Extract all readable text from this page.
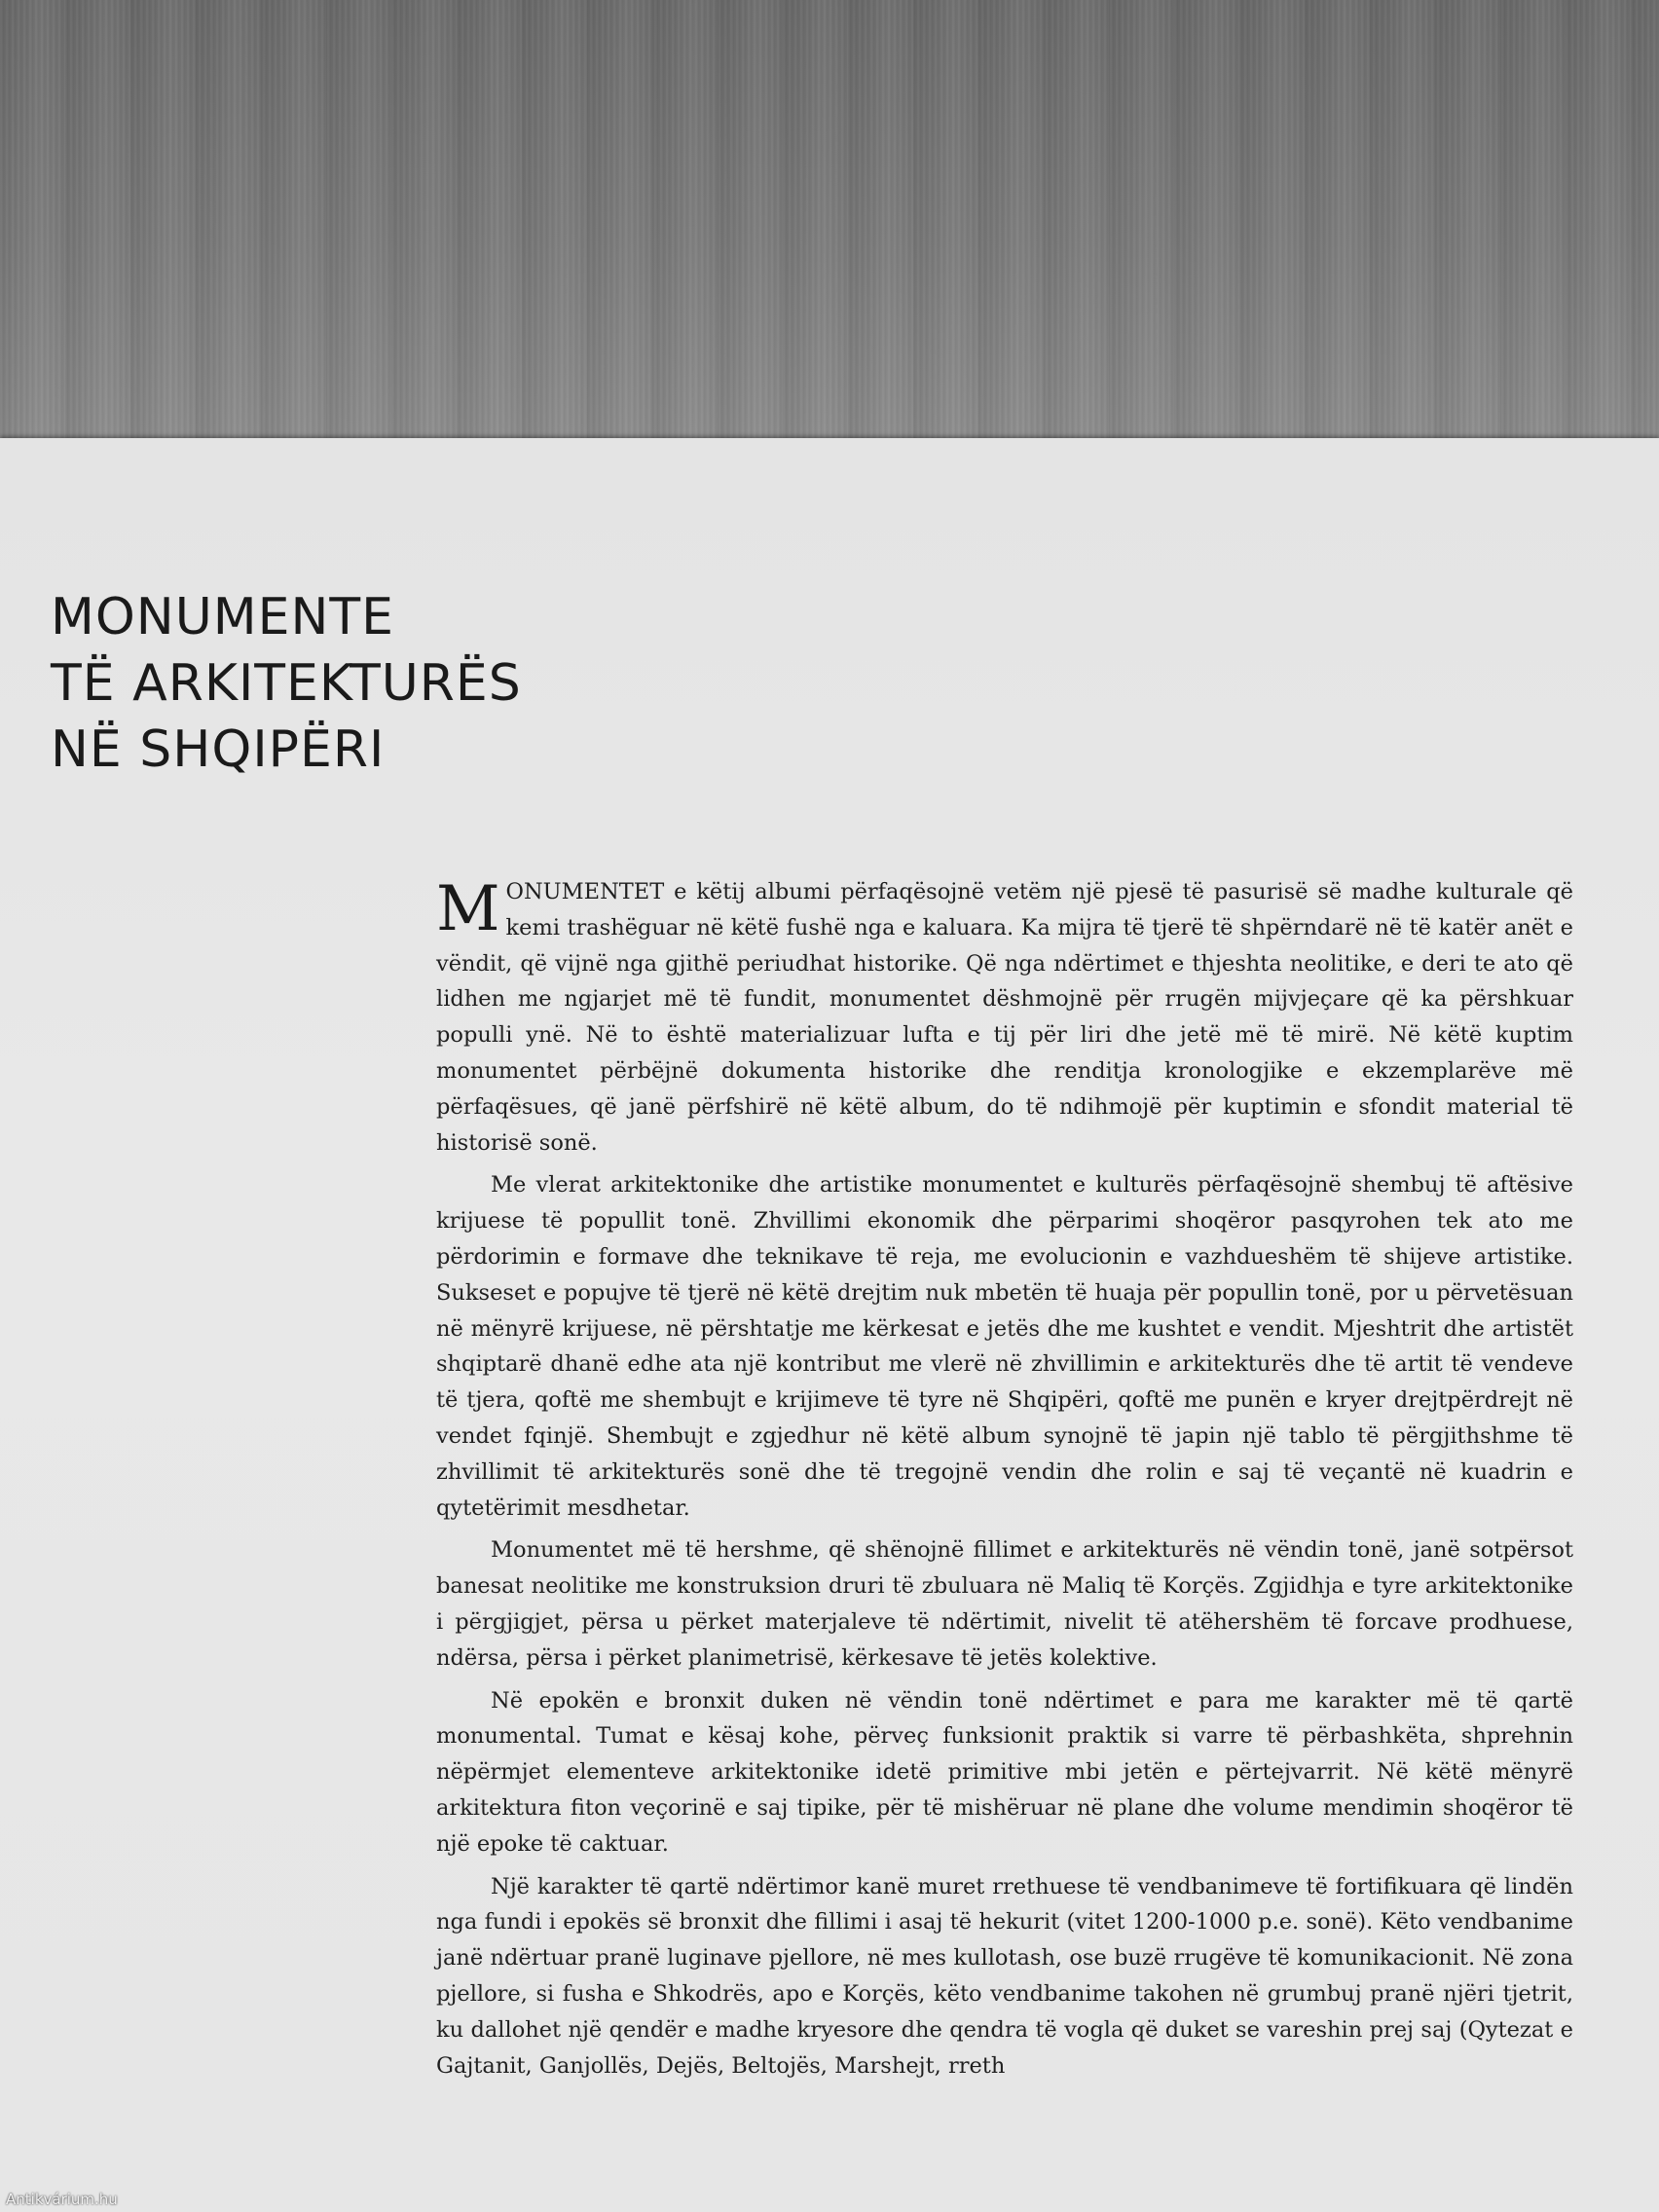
MONUMENTE
TË ARKITEKTURËS
NË SHQIPËRI

MONUMENTET e këtij albumi përfaqësojnë vetëm një pjesë të pasurisë së madhe kulturale që kemi trashëguar në këtë fushë nga e kaluara. Ka mijra të tjerë të shpërndarë në të katër anët e vëndit, që vijnë nga gjithë periudhat historike. Që nga ndërtimet e thjeshta neolitike, e deri te ato që lidhen me ngjarjet më të fundit, monumentet dëshmojnë për rrugën mijvjeçare që ka përshkuar populli ynë. Në to është materializuar lufta e tij për liri dhe jetë më të mirë. Në këtë kuptim monumentet përbëjnë dokumenta historike dhe renditja kronologjike e ekzemplarëve më përfaqësues, që janë përfshirë në këtë album, do të ndihmojë për kuptimin e sfondit material të historisë sonë.

Me vlerat arkitektonike dhe artistike monumentet e kulturës përfaqësojnë shembuj të aftësive krijuese të popullit tonë. Zhvillimi ekonomik dhe përparimi shoqëror pasqyrohen tek ato me përdorimin e formave dhe teknikave të reja, me evolucionin e vazhdueshëm të shijeve artistike. Sukseset e popujve të tjerë në këtë drejtim nuk mbetën të huaja për popullin tonë, por u përvetësuan në mënyrë krijuese, në përshtatje me kërkesat e jetës dhe me kushtet e vendit. Mjeshtrit dhe artistët shqiptarë dhanë edhe ata një kontribut me vlerë në zhvillimin e arkitekturës dhe të artit të vendeve të tjera, qoftë me shembujt e krijimeve të tyre në Shqipëri, qoftë me punën e kryer drejtpërdrejt në vendet fqinjë. Shembujt e zgjedhur në këtë album synojnë të japin një tablo të përgjithshme të zhvillimit të arkitekturës sonë dhe të tregojnë vendin dhe rolin e saj të veçantë në kuadrin e qytetërimit mesdhetar.

Monumentet më të hershme, që shënojnë fillimet e arkitekturës në vëndin tonë, janë sotpërsot banesat neolitike me konstruksion druri të zbuluara në Maliq të Korçës. Zgjidhja e tyre arkitektonike i përgjigjet, përsa u përket materjaleve të ndërtimit, nivelit të atëhershëm të forcave prodhuese, ndërsa, përsa i përket planimetrisë, kërkesave të jetës kolektive.

Në epokën e bronxit duken në vëndin tonë ndërtimet e para me karakter më të qartë monumental. Tumat e kësaj kohe, përveç funksionit praktik si varre të përbashkëta, shprehnin nëpërmjet elementeve arkitektonike idetë primitive mbi jetën e përtejvarrit. Në këtë mënyrë arkitektura fiton veçorinë e saj tipike, për të mishëruar në plane dhe volume mendimin shoqëror të një epoke të caktuar.

Një karakter të qartë ndërtimor kanë muret rrethuese të vendbanimeve të fortifikuara që lindën nga fundi i epokës së bronxit dhe fillimi i asaj të hekurit (vitet 1200-1000 p.e. sonë). Këto vendbanime janë ndërtuar pranë luginave pjellore, në mes kullotash, ose buzë rrugëve të komunikacionit. Në zona pjellore, si fusha e Shkodrës, apo e Korçës, këto vendbanime takohen në grumbuj pranë njëri tjetrit, ku dallohet një qendër e madhe kryesore dhe qendra të vogla që duket se vareshin prej saj (Qytezat e Gajtanit, Ganjollës, Dejës, Beltojës, Marshejt, rreth

Antikvárium.hu
